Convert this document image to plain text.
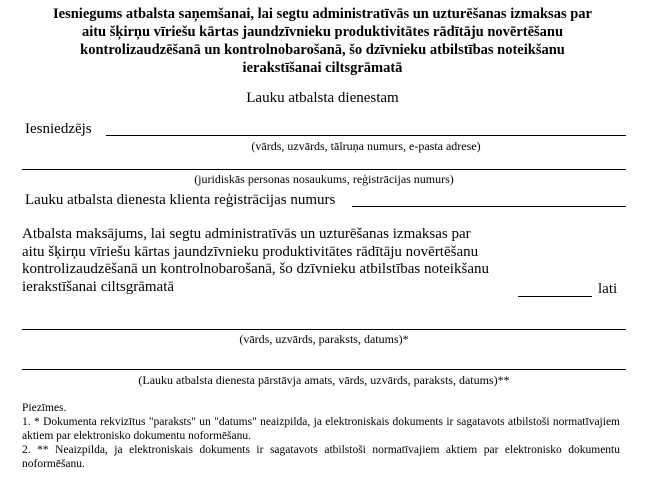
Iesniegums atbalsta saņemšanai, lai segtu administratīvās un uzturēšanas izmaksas par
aitu šķirņu vīriešu kārtas jaundzīvnieku produktivitātes rādītāju novērtēšanu
kontrolizaudzēšanā un kontrolnobarošanā, šo dzīvnieku atbilstības noteikšanu
ierakstīšanai ciltsgrāmatā
Lauku atbalsta dienestam
Iesniedzējs
(vārds, uzvārds, tālruņa numurs, e-pasta adrese)
(juridiskās personas nosaukums, reģistrācijas numurs)
Lauku atbalsta dienesta klienta reģistrācijas numurs
Atbalsta maksājums, lai segtu administratīvās un uzturēšanas izmaksas par
aitu šķirņu vīriešu kārtas jaundzīvnieku produktivitātes rādītāju novērtēšanu
kontrolizaudzēšanā un kontrolnobarošanā, šo dzīvnieku atbilstības noteikšanu
ierakstīšanai ciltsgrāmatā	lati
(vārds, uzvārds, paraksts, datums)*
(Lauku atbalsta dienesta pārstāvja amats, vārds, uzvārds, paraksts, datums)**
Piezīmes.
1. * Dokumenta rekvizītus "paraksts" un "datums" neaizpilda, ja elektroniskais dokuments ir sagatavots atbilstoši normatīvajiem aktiem par elektronisko dokumentu noformēšanu.
2. ** Neaizpilda, ja elektroniskais dokuments ir sagatavots atbilstoši normatīvajiem aktiem par elektronisko dokumentu noformēšanu.
